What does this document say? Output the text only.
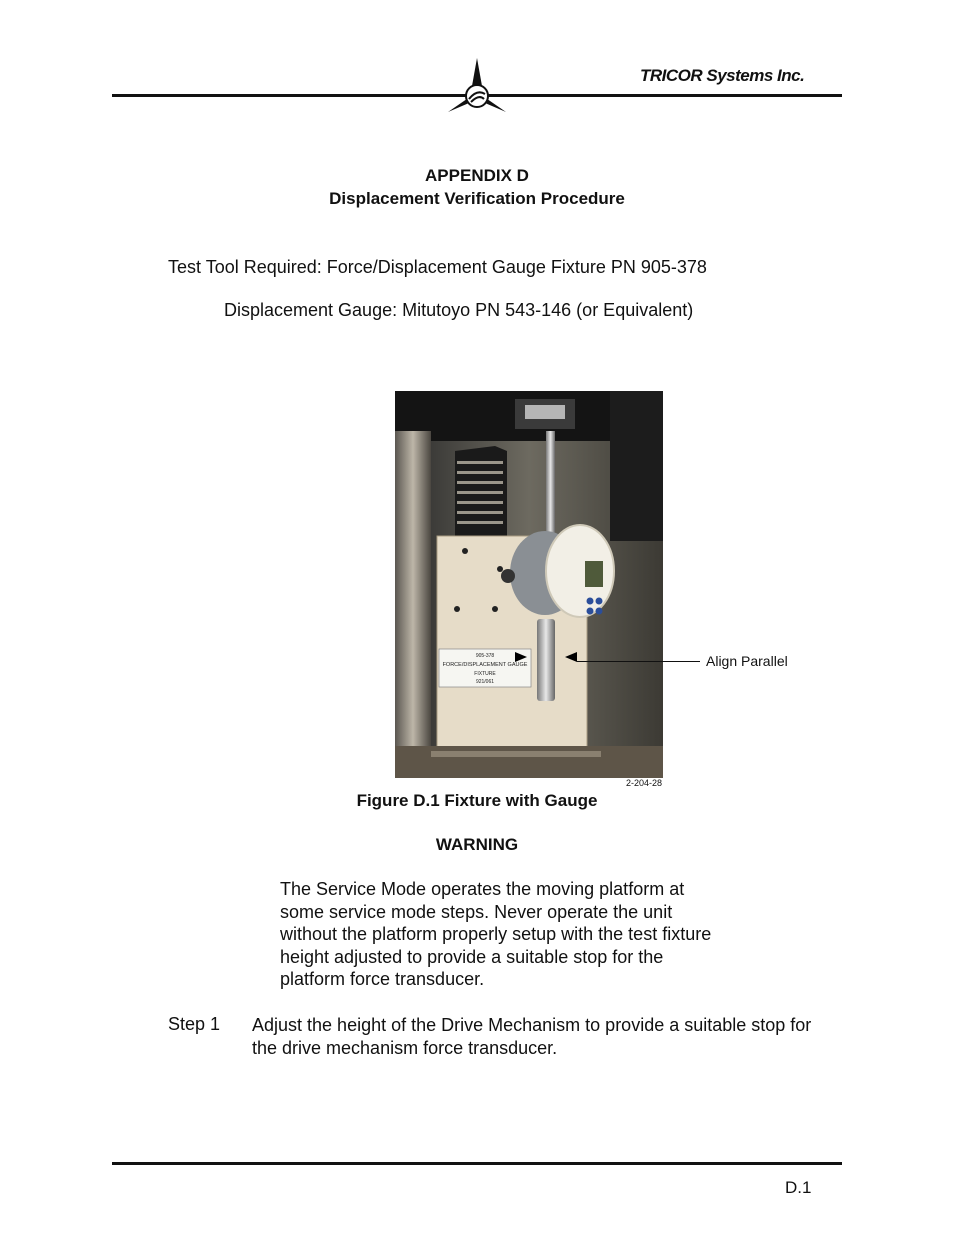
TRICOR Systems Inc.
APPENDIX D
Displacement Verification Procedure
Test Tool Required: Force/Displacement Gauge Fixture PN 905-378
Displacement Gauge: Mitutoyo PN 543-146 (or Equivalent)
905-378
FORCE/DISPLACEMENT GAUGE
FIXTURE
921/061
Align Parallel
2-204-28
Figure D.1 Fixture with Gauge
WARNING
The Service Mode operates the moving platform at some service mode steps. Never operate the unit without the platform properly setup with the test fixture height adjusted to provide a suitable stop for the platform force transducer.
Step 1 Adjust the height of the Drive Mechanism to provide a suitable stop for the drive mechanism force transducer.
D.1
